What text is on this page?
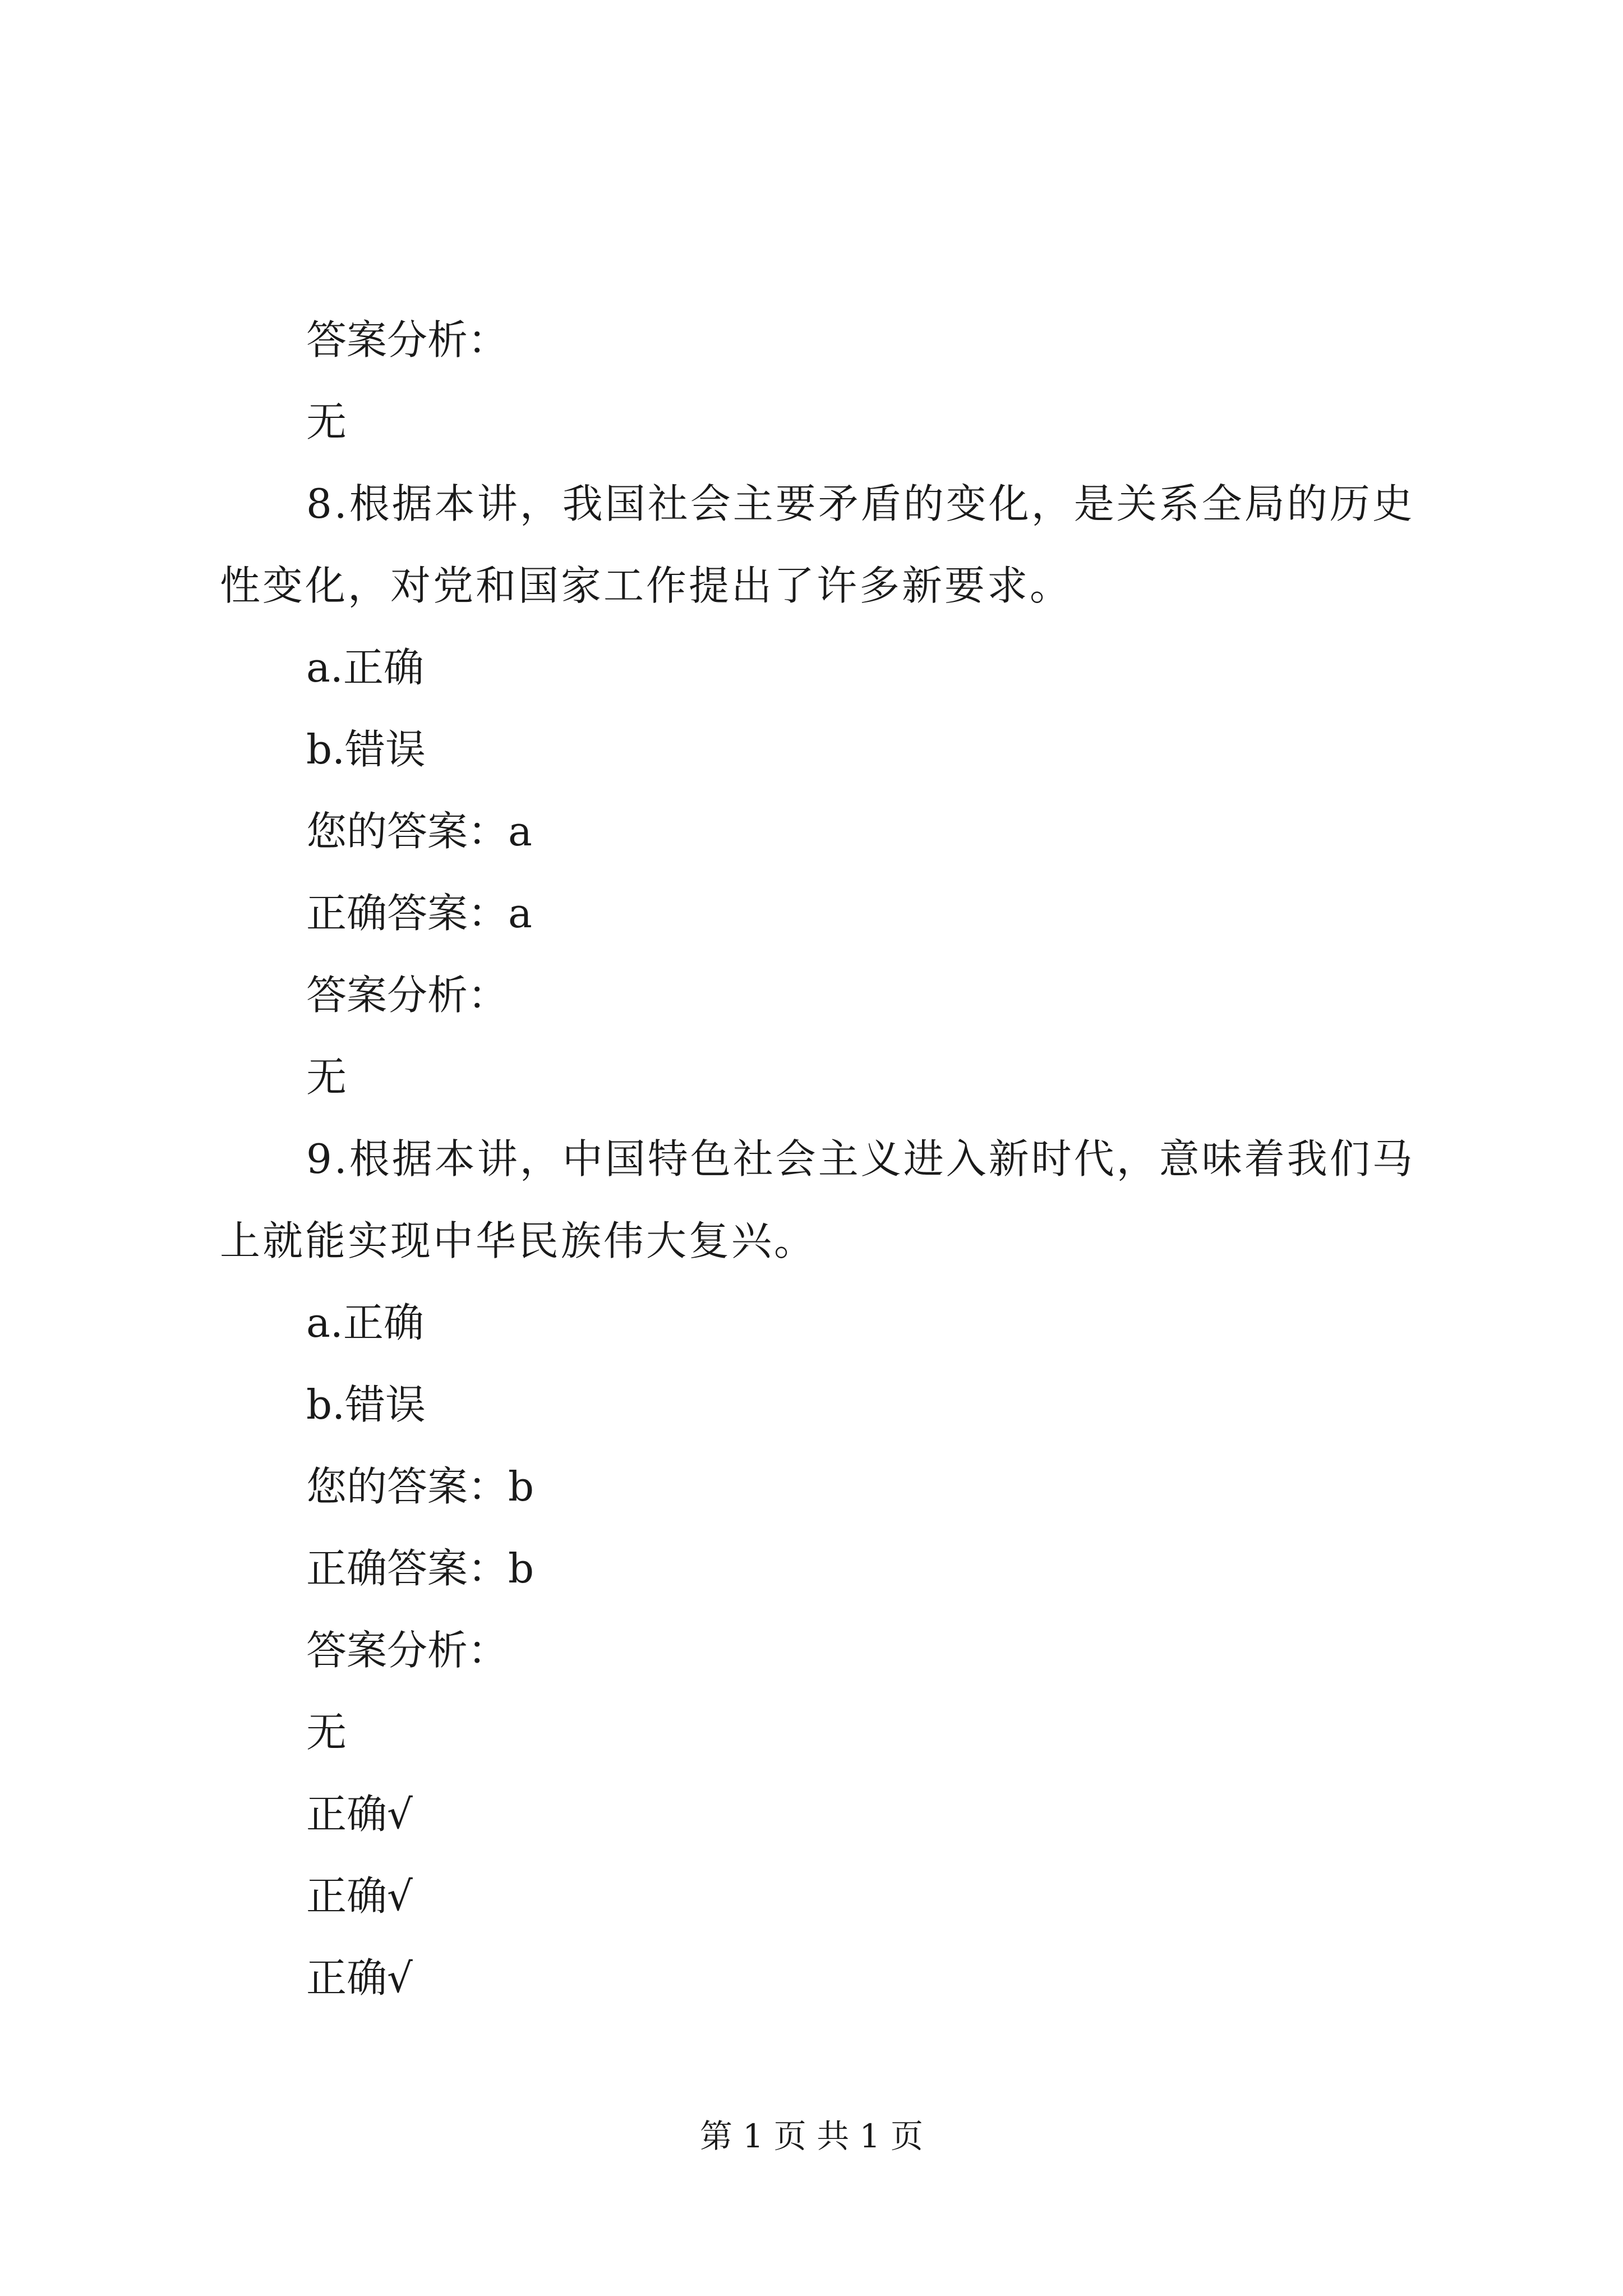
答案分析：
无
8.根据本讲，我国社会主要矛盾的变化，是关系全局的历史性变化，对党和国家工作提出了许多新要求。
a.正确
b.错误
您的答案：a
正确答案：a
答案分析：
无
9.根据本讲，中国特色社会主义进入新时代，意味着我们马上就能实现中华民族伟大复兴。
a.正确
b.错误
您的答案：b
正确答案：b
答案分析：
无
正确√
正确√
正确√
第 1 页 共 1 页
